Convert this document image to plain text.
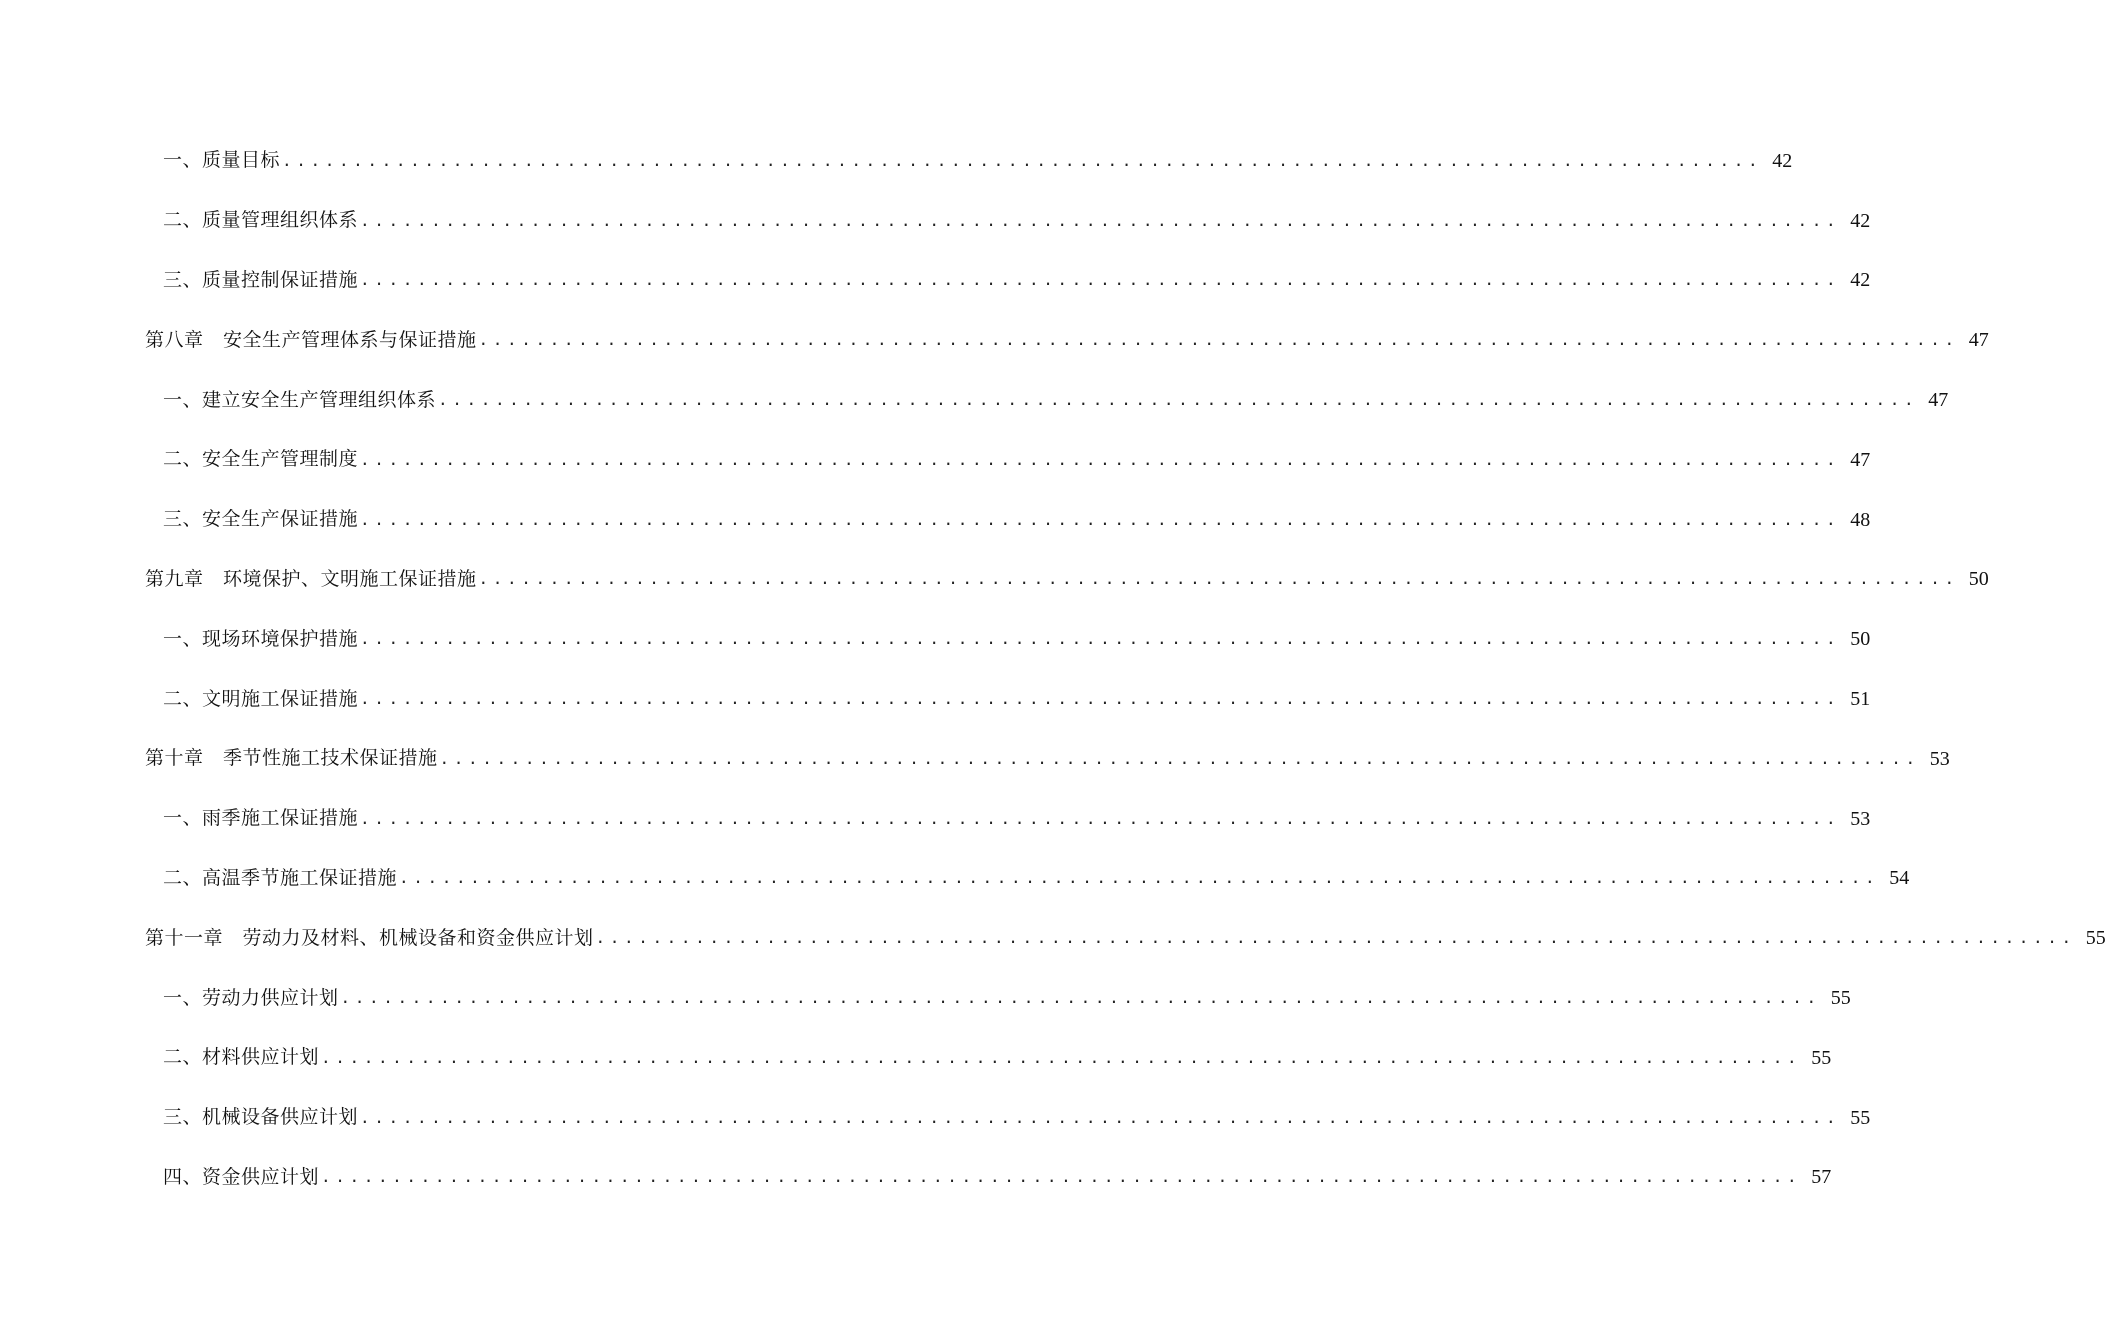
一、质量目标 ........................................................................................................ 42
二、质量管理组织体系 ........................................................................................................ 42
三、质量控制保证措施 ........................................................................................................ 42
第八章　安全生产管理体系与保证措施 ........................................................................................................ 47
一、建立安全生产管理组织体系 ........................................................................................................ 47
二、安全生产管理制度 ........................................................................................................ 47
三、安全生产保证措施 ........................................................................................................ 48
第九章　环境保护、文明施工保证措施 ........................................................................................................ 50
一、现场环境保护措施 ........................................................................................................ 50
二、文明施工保证措施 ........................................................................................................ 51
第十章　季节性施工技术保证措施 ........................................................................................................ 53
一、雨季施工保证措施 ........................................................................................................ 53
二、高温季节施工保证措施 ........................................................................................................ 54
第十一章　劳动力及材料、机械设备和资金供应计划 ........................................................................................................ 55
一、劳动力供应计划 ........................................................................................................ 55
二、材料供应计划 ........................................................................................................ 55
三、机械设备供应计划 ........................................................................................................ 55
四、资金供应计划 ........................................................................................................ 57
